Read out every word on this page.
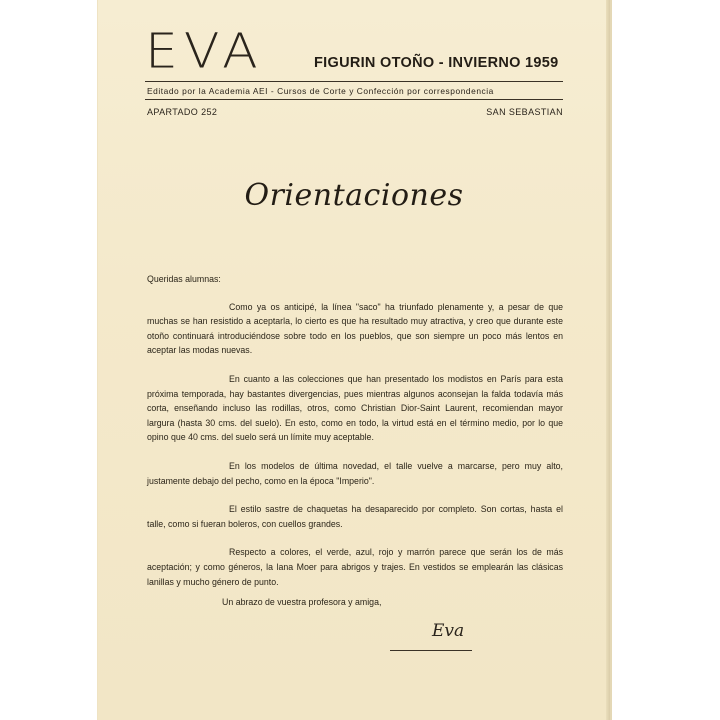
EVA	FIGURIN OTOÑO - INVIERNO 1959
Editado por la Academia AEI - Cursos de Corte y Confección por correspondencia
APARTADO 252	SAN SEBASTIAN
Orientaciones

Queridas alumnas:

Como ya os anticipé, la línea "saco" ha triunfado plenamente y, a pesar de que muchas se han resistido a aceptarla, lo cierto es que ha resultado muy atractiva, y creo que durante este otoño continuará introduciéndose sobre todo en los pueblos, que son siempre un poco más lentos en aceptar las modas nuevas.

En cuanto a las colecciones que han presentado los modistos en París para esta próxima temporada, hay bastantes divergencias, pues mientras algunos aconsejan la falda todavía más corta, enseñando incluso las rodillas, otros, como Christian Dior-Saint Laurent, recomiendan mayor largura (hasta 30 cms. del suelo). En esto, como en todo, la virtud está en el término medio, por lo que opino que 40 cms. del suelo será un límite muy aceptable.

En los modelos de última novedad, el talle vuelve a marcarse, pero muy alto, justamente debajo del pecho, como en la época "Imperio".

El estilo sastre de chaquetas ha desaparecido por completo. Son cortas, hasta el talle, como si fueran boleros, con cuellos grandes.

Respecto a colores, el verde, azul, rojo y marrón parece que serán los de más aceptación; y como géneros, la lana Moer para abrigos y trajes. En vestidos se emplearán las clásicas lanillas y mucho género de punto.

Un abrazo de vuestra profesora y amiga,
Eva
